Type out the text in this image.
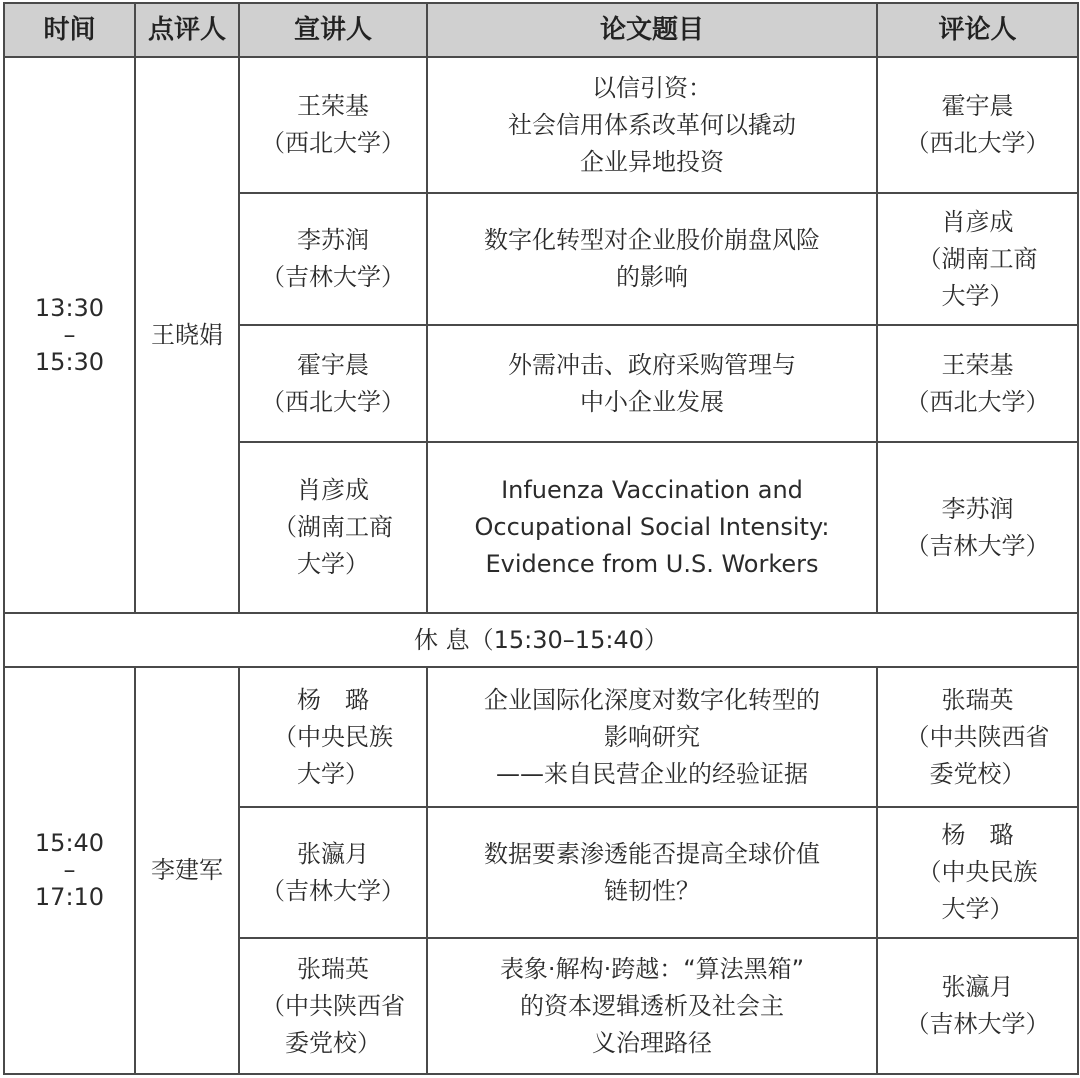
时间	点评人	宣讲人	论文题目	评论人

13:30
–
15:30	王晓娟	王荣基
（西北大学）	以信引资：
社会信用体系改革何以撬动
企业异地投资	霍宇晨
（西北大学）

		李苏润
（吉林大学）	数字化转型对企业股价崩盘风险
的影响	肖彦成
（湖南工商
大学）

		霍宇晨
（西北大学）	外需冲击、政府采购管理与
中小企业发展	王荣基
（西北大学）

		肖彦成
（湖南工商
大学）	Infuenza Vaccination and
Occupational Social Intensity:
Evidence from U.S. Workers	李苏润
（吉林大学）

休 息（15:30–15:40）				

15:40
–
17:10	李建军	杨　璐
（中央民族
大学）	企业国际化深度对数字化转型的
影响研究
——来自民营企业的经验证据	张瑞英
（中共陕西省
委党校）

		张瀛月
（吉林大学）	数据要素渗透能否提高全球价值
链韧性？	杨　璐
（中央民族
大学）

		张瑞英
（中共陕西省
委党校）	表象·解构·跨越：“算法黑箱”
的资本逻辑透析及社会主
义治理路径	张瀛月
（吉林大学）
